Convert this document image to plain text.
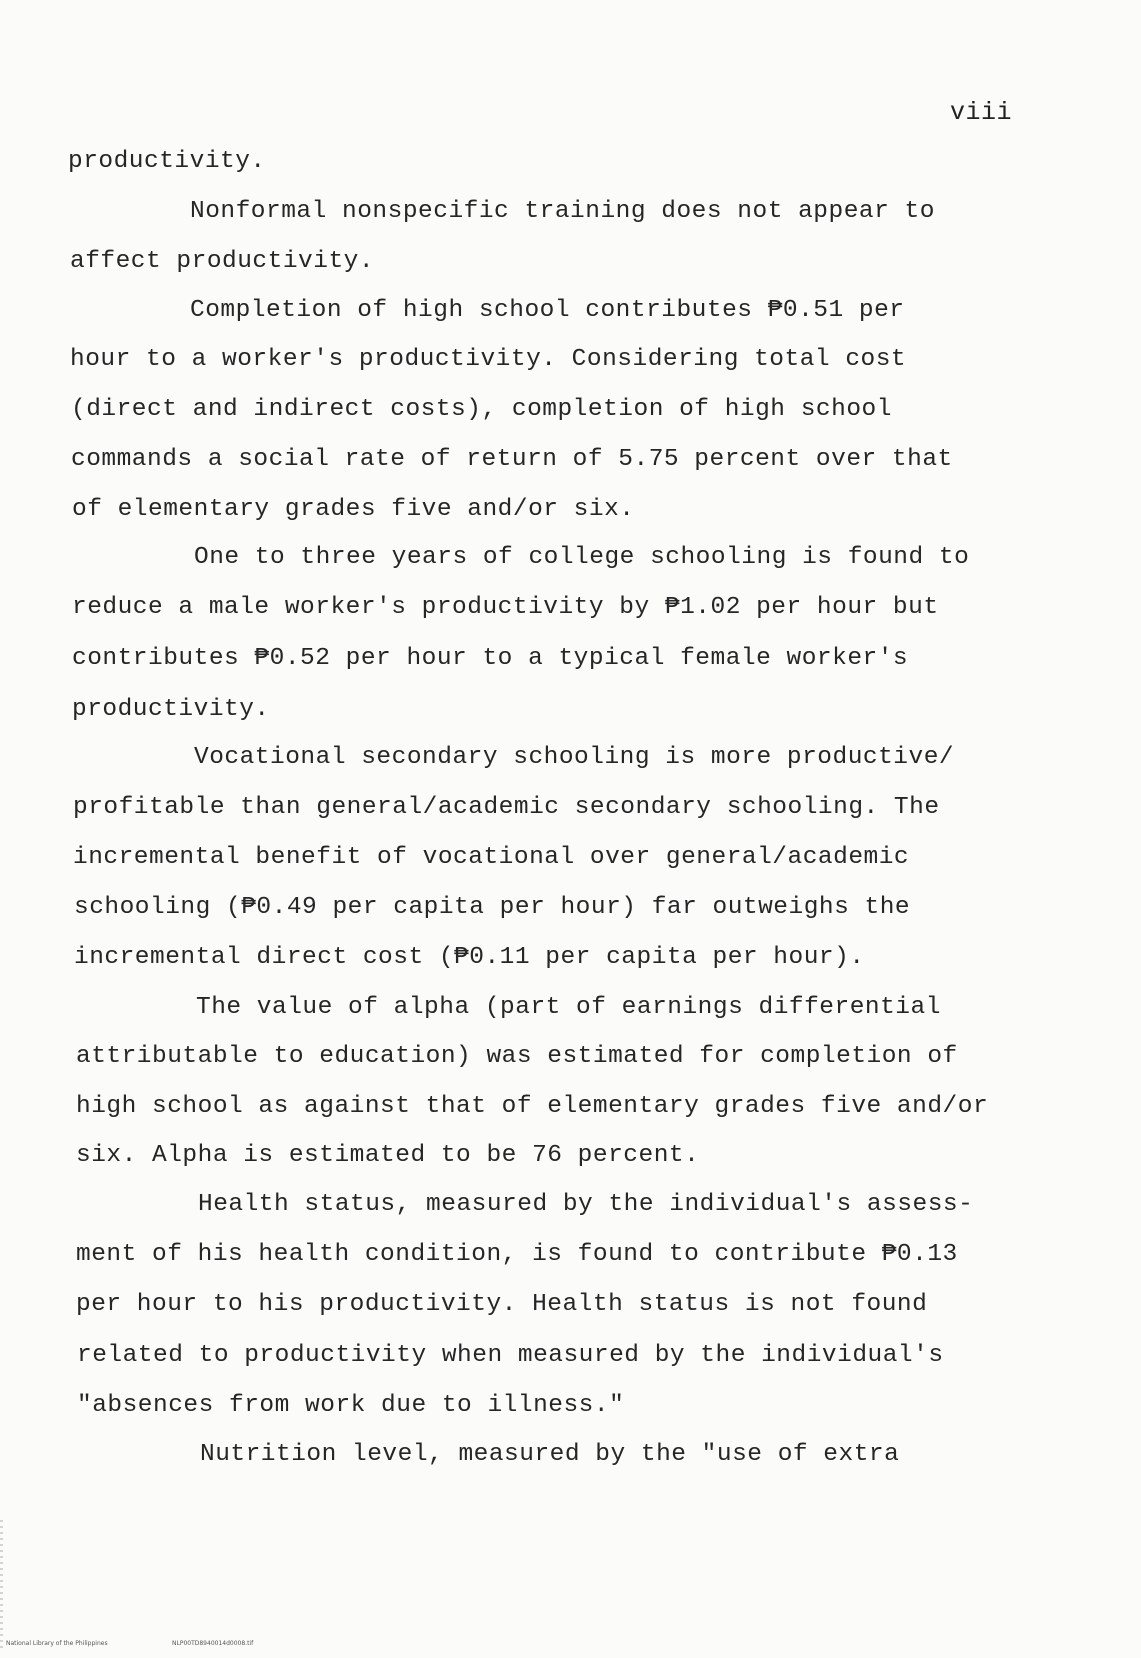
viii
productivity.
Nonformal nonspecific training does not appear to
affect productivity.
Completion of high school contributes ₱0.51 per
hour to a worker's productivity. Considering total cost
(direct and indirect costs), completion of high school
commands a social rate of return of 5.75 percent over that
of elementary grades five and/or six.
One to three years of college schooling is found to
reduce a male worker's productivity by ₱1.02 per hour but
contributes ₱0.52 per hour to a typical female worker's
productivity.
Vocational secondary schooling is more productive/
profitable than general/academic secondary schooling. The
incremental benefit of vocational over general/academic
schooling (₱0.49 per capita per hour) far outweighs the
incremental direct cost (₱0.11 per capita per hour).
The value of alpha (part of earnings differential
attributable to education) was estimated for completion of
high school as against that of elementary grades five and/or
six. Alpha is estimated to be 76 percent.
Health status, measured by the individual's assess-
ment of his health condition, is found to contribute ₱0.13
per hour to his productivity. Health status is not found
related to productivity when measured by the individual's
"absences from work due to illness."
Nutrition level, measured by the "use of extra
National Library of the Philippines	NLP00TD8940014d0008.tif
